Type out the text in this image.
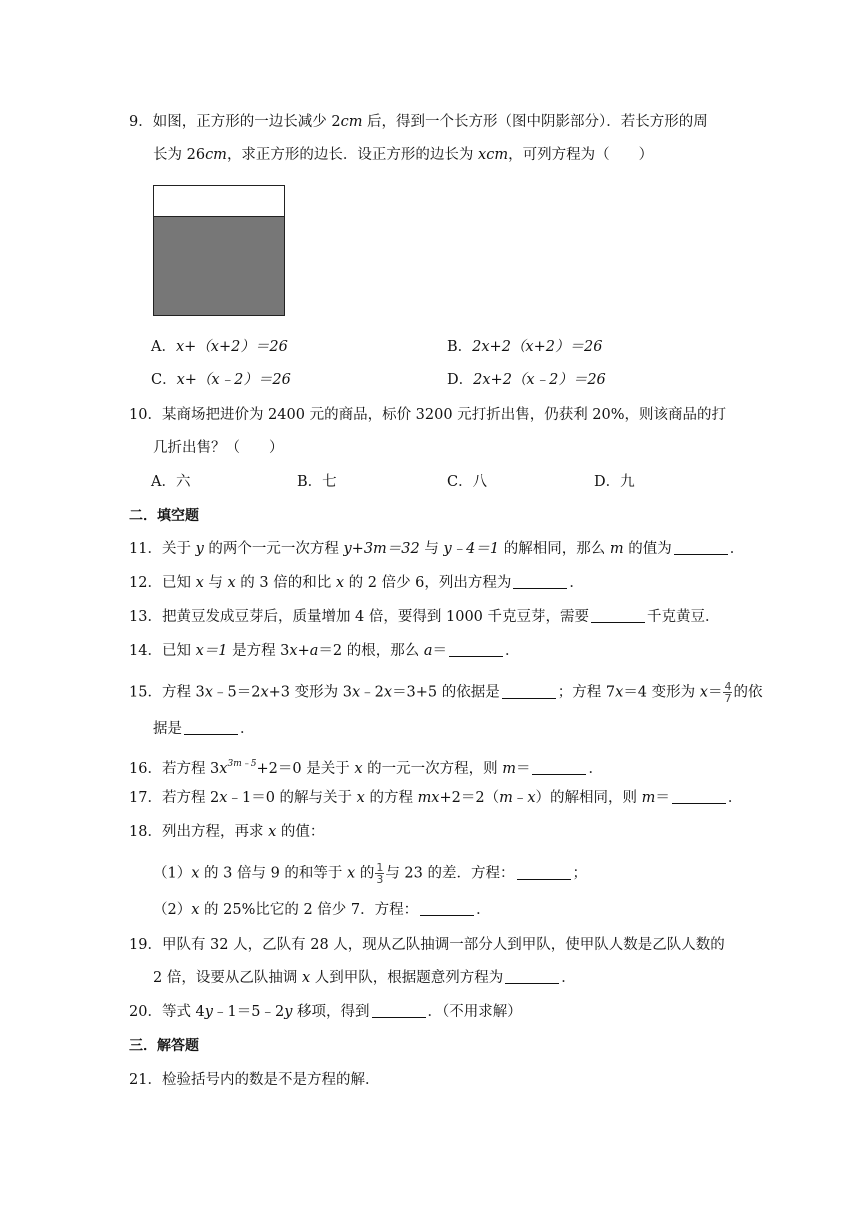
9．如图，正方形的一边长减少 2cm 后，得到一个长方形（图中阴影部分）．若长方形的周
长为 26cm，求正方形的边长．设正方形的边长为 xcm，可列方程为（　　）
A．x+（x+2）＝26	B．2x+2（x+2）＝26
C．x+（x﹣2）＝26	D．2x+2（x﹣2）＝26
10．某商场把进价为 2400 元的商品，标价 3200 元打折出售，仍获利 20%，则该商品的打
几折出售？（　　）
A．六	B．七	C．八	D．九
二．填空题
11．关于 y 的两个一元一次方程 y+3m＝32 与 y﹣4＝1 的解相同，那么 m 的值为	．
12．已知 x 与 x 的 3 倍的和比 x 的 2 倍少 6，列出方程为	．
13．把黄豆发成豆芽后，质量增加 4 倍，要得到 1000 千克豆芽，需要	千克黄豆．
14．已知 x＝1 是方程 3x+a＝2 的根，那么 a＝	．
15．方程 3x﹣5＝2x+3 变形为 3x﹣2x＝3+5 的依据是	；方程 7x＝4 变形为 $x= \frac{4}{7}$ 的依
据是	．
16．若方程 $3x^{3m﹣5}+2=0$ 是关于 x 的一元一次方程，则 m＝	．
17．若方程 2x﹣1＝0 的解与关于 x 的方程 mx+2＝2（m﹣x）的解相同，则 m＝	．
18．列出方程，再求 x 的值：
（1）x 的 3 倍与 9 的和等于 x 的 $\frac{1}{3}$ 与 23 的差．方程：	；
（2）x 的 25%比它的 2 倍少 7．方程：	．
19．甲队有 32 人，乙队有 28 人，现从乙队抽调一部分人到甲队，使甲队人数是乙队人数的
2 倍，设要从乙队抽调 x 人到甲队，根据题意列方程为	．
20．等式 4y﹣1＝5﹣2y 移项，得到	．（不用求解）
三．解答题
21．检验括号内的数是不是方程的解．
